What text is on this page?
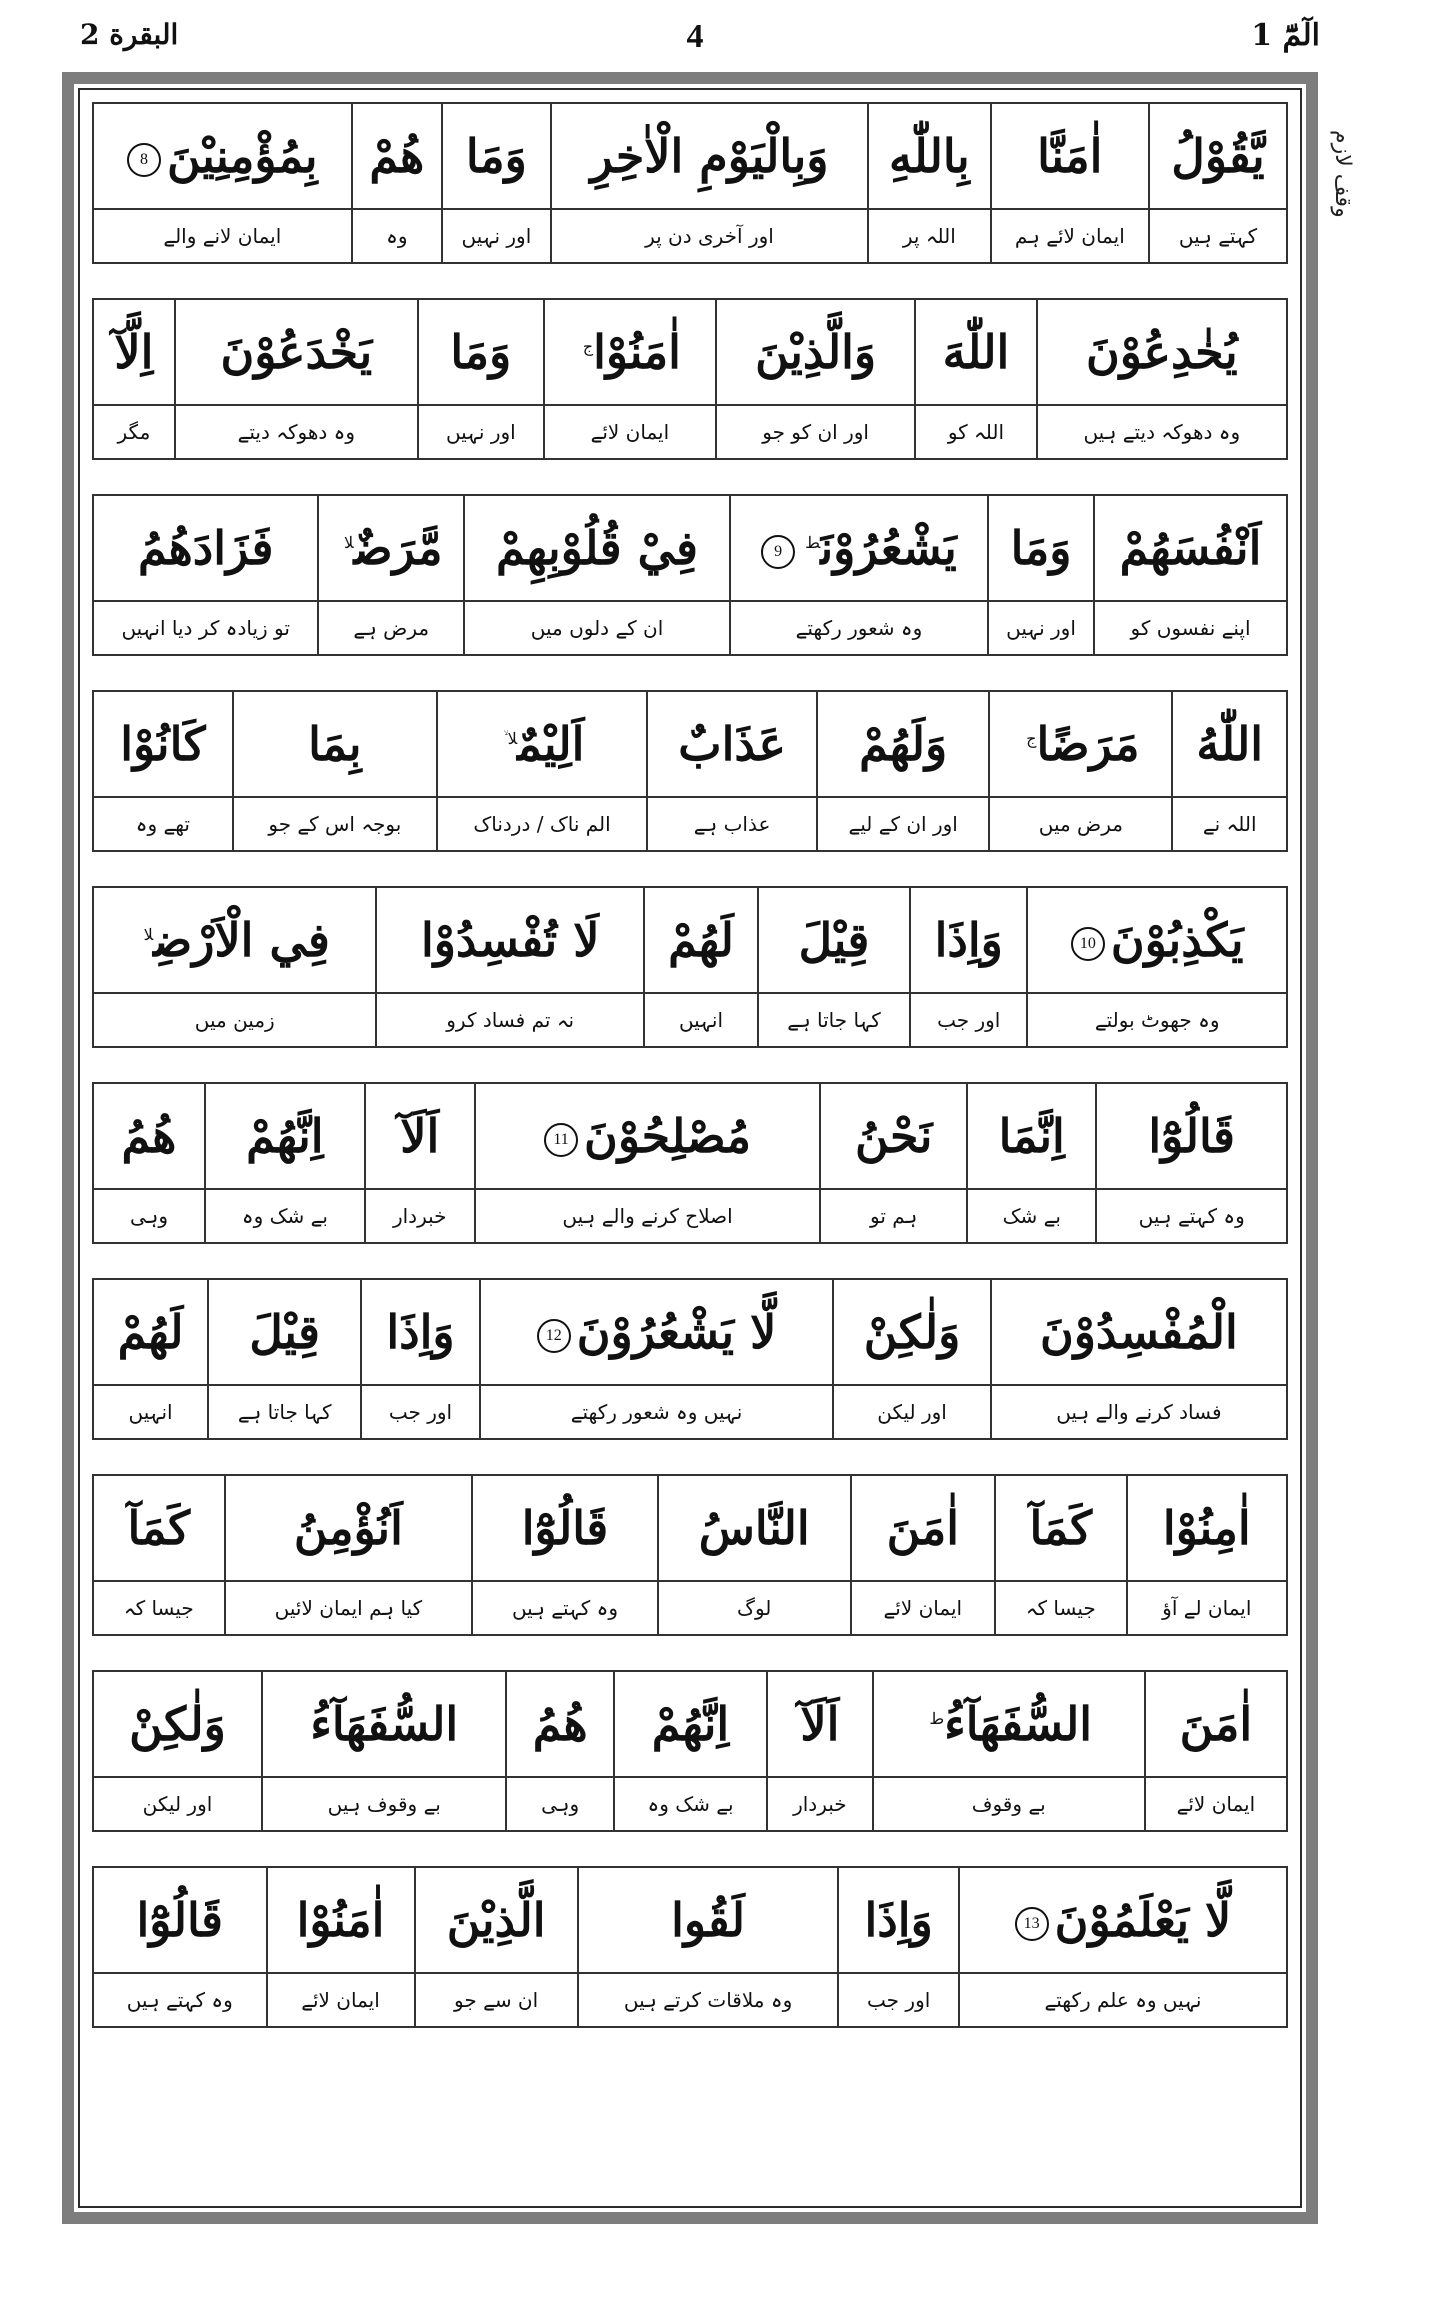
البقرة 2	4	الٓمّٓ 1
وقف لازم
يَّقُوْلُ	اٰمَنَّا	بِاللّٰهِ	وَبِالْيَوْمِ الْاٰخِرِ	وَمَا	هُمْ	بِمُؤْمِنِيْنَ8
کہتے ہیں	ایمان لائے ہم	اللہ پر	اور آخری دن پر	اور نہیں	وہ	ایمان لانے والے
يُخٰدِعُوْنَ	اللّٰهَ	وَالَّذِيْنَ	اٰمَنُوْا$^ج$	وَمَا	يَخْدَعُوْنَ	اِلَّآ
وہ دھوکہ دیتے ہیں	اللہ کو	اور ان کو جو	ایمان لائے	اور نہیں	وہ دھوکہ دیتے	مگر
اَنْفُسَهُمْ	وَمَا	يَشْعُرُوْنَ$^ط$9	فِيْ قُلُوْبِهِمْ	مَّرَضٌ$^{لا}$	فَزَادَهُمُ
اپنے نفسوں کو	اور نہیں	وہ شعور رکھتے	ان کے دلوں میں	مرض ہے	تو زیادہ کر دیا انہیں
اللّٰهُ	مَرَضًا$^ج$	وَلَهُمْ	عَذَابٌ	اَلِيْمٌ$^{لا ۙ}$	بِمَا	كَانُوْا
اللہ نے	مرض میں	اور ان کے لیے	عذاب ہے	الم ناک / دردناک	بوجہ اس کے جو	تھے وہ
يَكْذِبُوْنَ10	وَاِذَا	قِيْلَ	لَهُمْ	لَا تُفْسِدُوْا	فِي الْاَرْضِ$^{لا}$
وہ جھوٹ بولتے	اور جب	کہا جاتا ہے	انہیں	نہ تم فساد کرو	زمین میں
قَالُوْٓا	اِنَّمَا	نَحْنُ	مُصْلِحُوْنَ11	اَلَآ	اِنَّهُمْ	هُمُ
وہ کہتے ہیں	بے شک	ہم تو	اصلاح کرنے والے ہیں	خبردار	بے شک وہ	وہی
الْمُفْسِدُوْنَ	وَلٰكِنْ	لَّا يَشْعُرُوْنَ12	وَاِذَا	قِيْلَ	لَهُمْ
فساد کرنے والے ہیں	اور لیکن	نہیں وہ شعور رکھتے	اور جب	کہا جاتا ہے	انہیں
اٰمِنُوْا	كَمَآ	اٰمَنَ	النَّاسُ	قَالُوْٓا	اَنُؤْمِنُ	كَمَآ
ایمان لے آؤ	جیسا کہ	ایمان لائے	لوگ	وہ کہتے ہیں	کیا ہم ایمان لائیں	جیسا کہ
اٰمَنَ	السُّفَهَآءُ$^ط$	اَلَآ	اِنَّهُمْ	هُمُ	السُّفَهَآءُ	وَلٰكِنْ
ایمان لائے	بے وقوف	خبردار	بے شک وہ	وہی	بے وقوف ہیں	اور لیکن
لَّا يَعْلَمُوْنَ13	وَاِذَا	لَقُوا	الَّذِيْنَ	اٰمَنُوْا	قَالُوْٓا
نہیں وہ علم رکھتے	اور جب	وہ ملاقات کرتے ہیں	ان سے جو	ایمان لائے	وہ کہتے ہیں
